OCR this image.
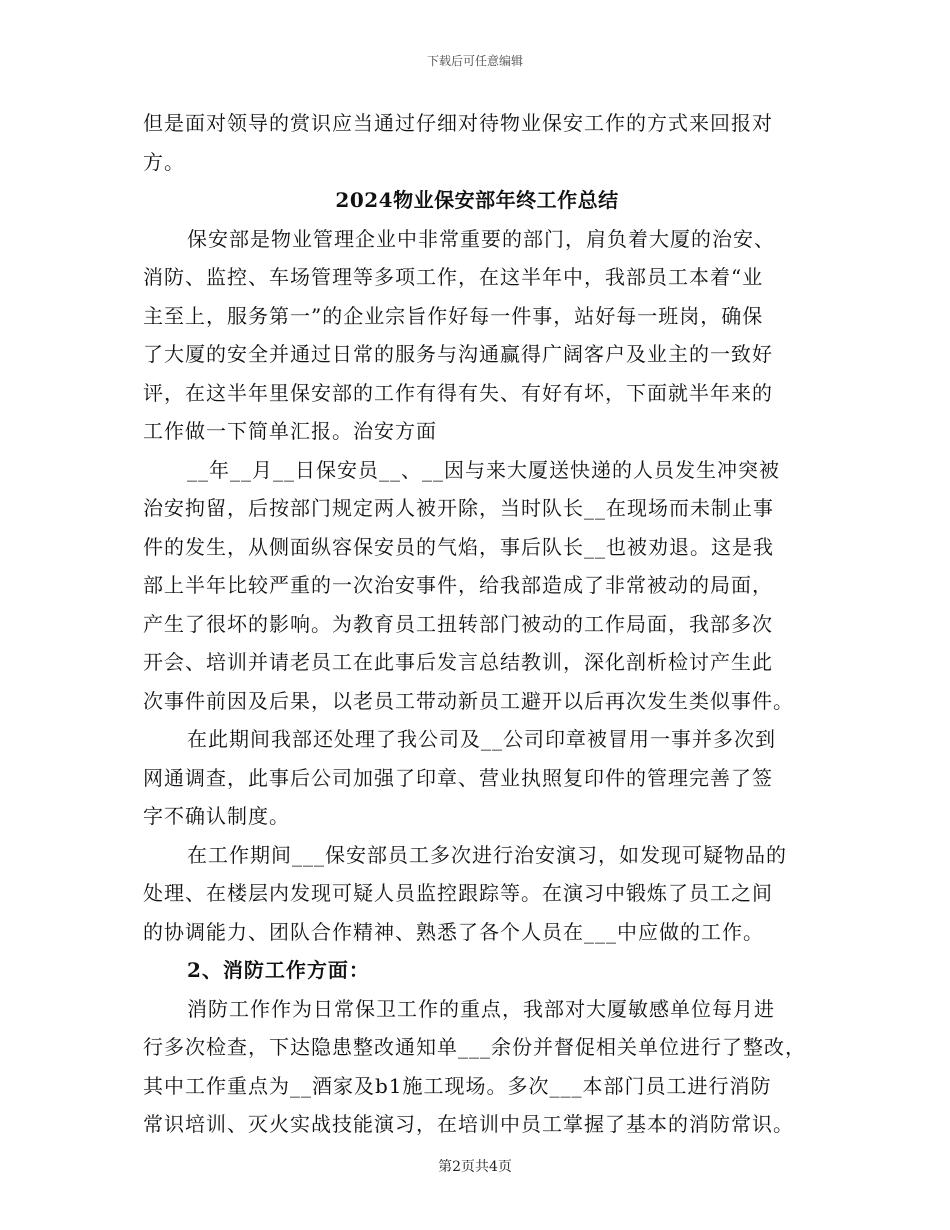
下载后可任意编辑
但是面对领导的赏识应当通过仔细对待物业保安工作的方式来回报对
方。
2024物业保安部年终工作总结
保安部是物业管理企业中非常重要的部门，肩负着大厦的治安、
消防、监控、车场管理等多项工作，在这半年中，我部员工本着“业
主至上，服务第一”的企业宗旨作好每一件事，站好每一班岗，确保
了大厦的安全并通过日常的服务与沟通赢得广阔客户及业主的一致好
评，在这半年里保安部的工作有得有失、有好有坏，下面就半年来的
工作做一下简单汇报。治安方面
__年__月__日保安员__、__因与来大厦送快递的人员发生冲突被
治安拘留，后按部门规定两人被开除，当时队长__在现场而未制止事
件的发生，从侧面纵容保安员的气焰，事后队长__也被劝退。这是我
部上半年比较严重的一次治安事件，给我部造成了非常被动的局面，
产生了很坏的影响。为教育员工扭转部门被动的工作局面，我部多次
开会、培训并请老员工在此事后发言总结教训，深化剖析检讨产生此
次事件前因及后果，以老员工带动新员工避开以后再次发生类似事件。
在此期间我部还处理了我公司及__公司印章被冒用一事并多次到
网通调查，此事后公司加强了印章、营业执照复印件的管理完善了签
字不确认制度。
在工作期间___保安部员工多次进行治安演习，如发现可疑物品的
处理、在楼层内发现可疑人员监控跟踪等。在演习中锻炼了员工之间
的协调能力、团队合作精神、熟悉了各个人员在___中应做的工作。
2、消防工作方面：
消防工作作为日常保卫工作的重点，我部对大厦敏感单位每月进
行多次检查，下达隐患整改通知单___余份并督促相关单位进行了整改，
其中工作重点为__酒家及b1施工现场。多次___本部门员工进行消防
常识培训、灭火实战技能演习，在培训中员工掌握了基本的消防常识。
第2页共4页
